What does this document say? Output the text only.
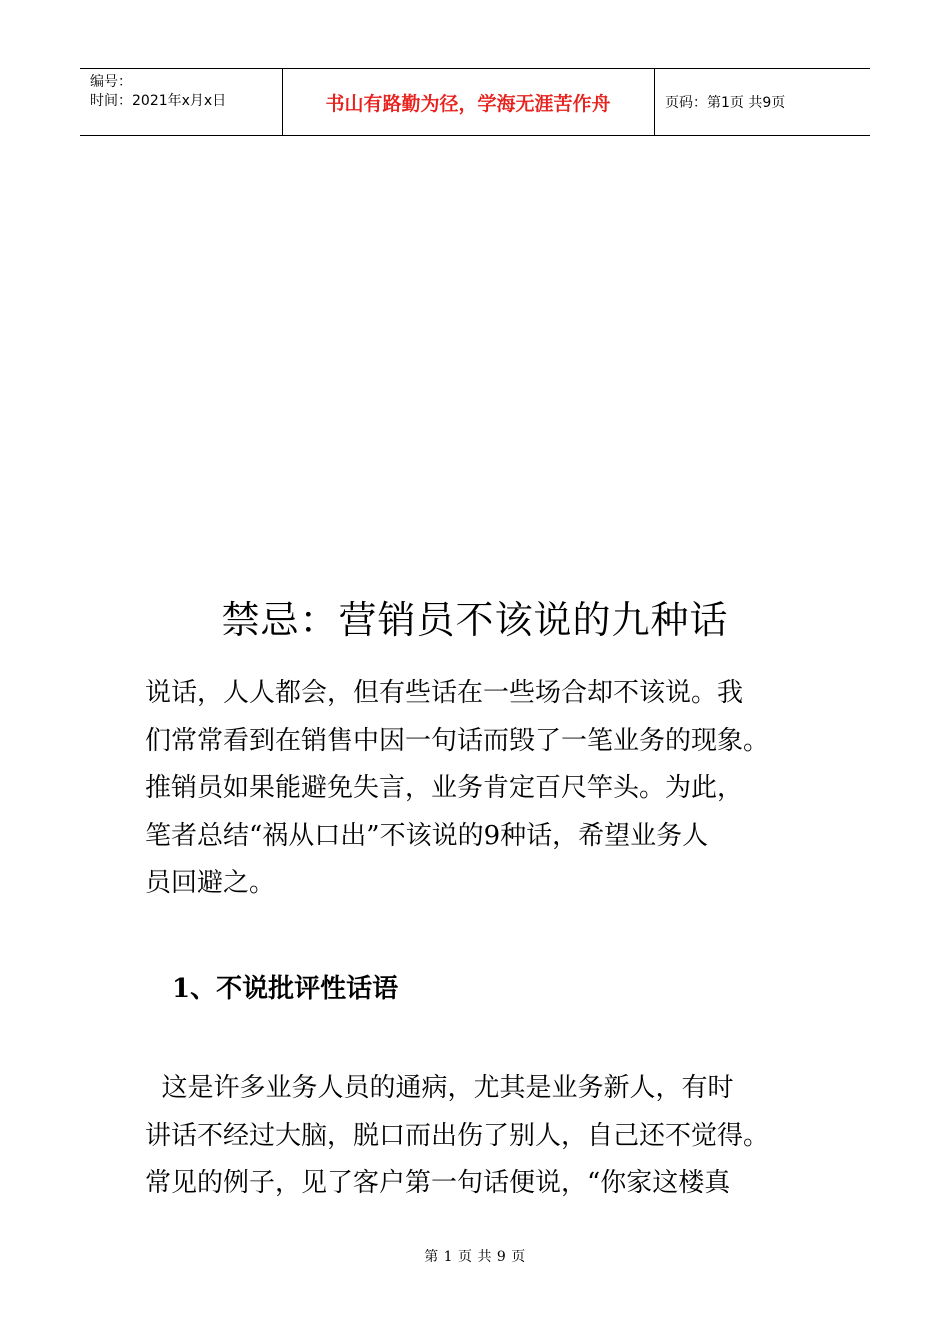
编号：
时间：2021年x月x日	书山有路勤为径，学海无涯苦作舟	页码：第1页 共9页
禁忌：营销员不该说的九种话

说话，人人都会，但有些话在一些场合却不该说。我
们常常看到在销售中因一句话而毁了一笔业务的现象。
推销员如果能避免失言，业务肯定百尺竿头。为此，
笔者总结“祸从口出”不该说的9种话，希望业务人
员回避之。

1、不说批评性话语

这是许多业务人员的通病，尤其是业务新人，有时
讲话不经过大脑，脱口而出伤了别人，自己还不觉得。
常见的例子，见了客户第一句话便说，“你家这楼真

第 1 页 共 9 页
